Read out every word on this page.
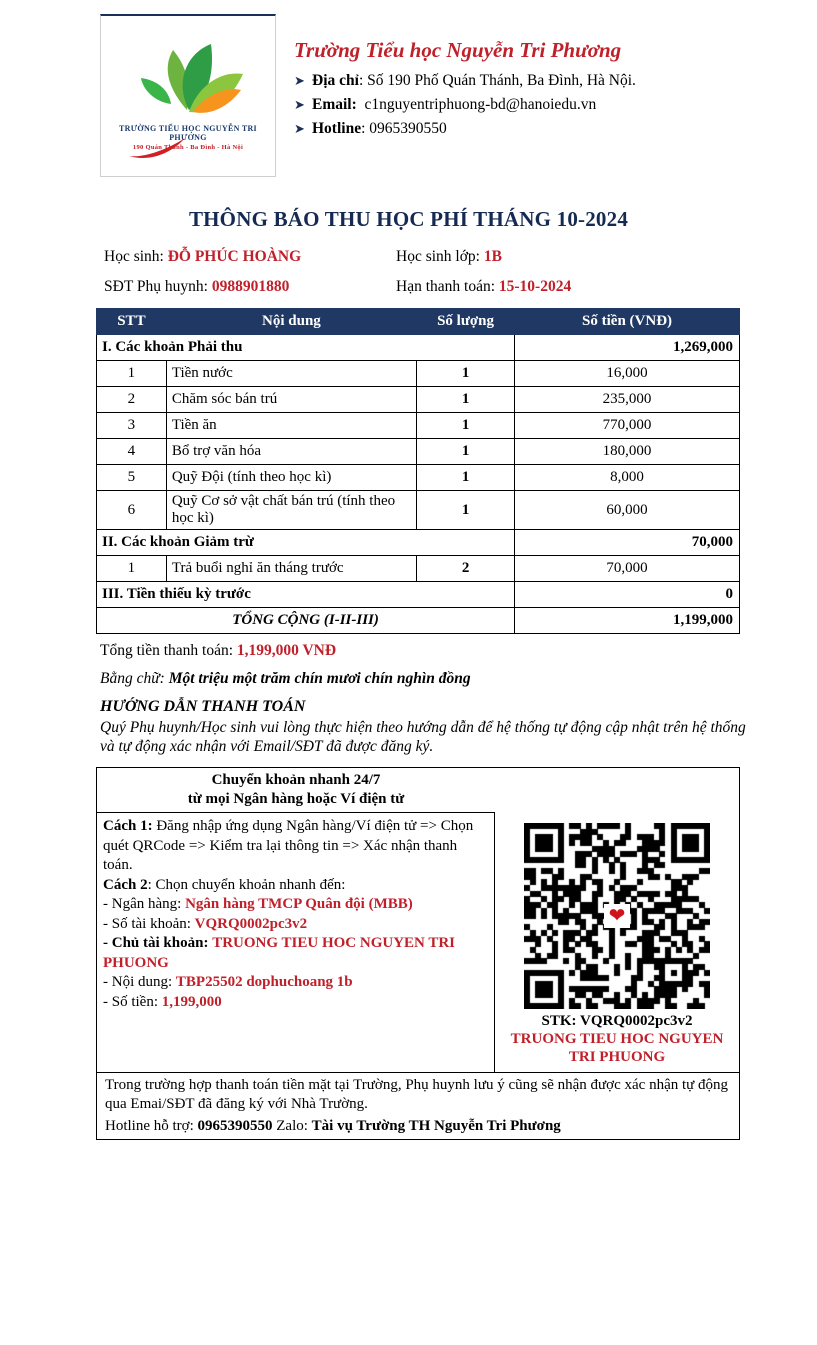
TRƯỜNG TIỂU HỌC NGUYỄN TRI PHƯƠNG
190 Quán Thánh - Ba Đình - Hà Nội
Trường Tiểu học Nguyễn Tri Phương
➤ Địa chỉ: Số 190 Phố Quán Thánh, Ba Đình, Hà Nội.
➤ Email: c1nguyentriphuong-bd@hanoiedu.vn
➤ Hotline: 0965390550
THÔNG BÁO THU HỌC PHÍ THÁNG 10-2024
Học sinh: ĐỖ PHÚC HOÀNG	Học sinh lớp: 1B
SĐT Phụ huynh: 0988901880	Hạn thanh toán: 15-10-2024
STT	Nội dung	Số lượng	Số tiền (VNĐ)
I. Các khoản Phải thu			1,269,000
1	Tiền nước	1	16,000
2	Chăm sóc bán trú	1	235,000
3	Tiền ăn	1	770,000
4	Bổ trợ văn hóa	1	180,000
5	Quỹ Đội (tính theo học kì)	1	8,000
6	Quỹ Cơ sở vật chất bán trú (tính theo học kì)	1	60,000
II. Các khoản Giảm trừ			70,000
1	Trả buổi nghỉ ăn tháng trước	2	70,000
III. Tiền thiếu kỳ trước			0
TỔNG CỘNG (I-II-III)			1,199,000
Tổng tiền thanh toán: 1,199,000 VNĐ
Bằng chữ: Một triệu một trăm chín mươi chín nghìn đồng
HƯỚNG DẪN THANH TOÁN
Quý Phụ huynh/Học sinh vui lòng thực hiện theo hướng dẫn để hệ thống tự động cập nhật trên hệ thống và tự động xác nhận với Email/SĐT đã được đăng ký.
Chuyển khoản nhanh 24/7
từ mọi Ngân hàng hoặc Ví điện tử
Cách 1: Đăng nhập ứng dụng Ngân hàng/Ví điện tử => Chọn quét QRCode => Kiểm tra lại thông tin => Xác nhận thanh toán.
Cách 2: Chọn chuyển khoản nhanh đến:
- Ngân hàng: Ngân hàng TMCP Quân đội (MBB)
- Số tài khoản: VQRQ0002pc3v2
- Chủ tài khoản: TRUONG TIEU HOC NGUYEN TRI PHUONG
- Nội dung: TBP25502 dophuchoang 1b
- Số tiền: 1,199,000
❤
STK: VQRQ0002pc3v2
TRUONG TIEU HOC NGUYEN TRI PHUONG
Trong trường hợp thanh toán tiền mặt tại Trường, Phụ huynh lưu ý cũng sẽ nhận được xác nhận tự động qua Emai/SĐT đã đăng ký với Nhà Trường.
Hotline hỗ trợ: 0965390550 Zalo: Tài vụ Trường TH Nguyễn Tri Phương
